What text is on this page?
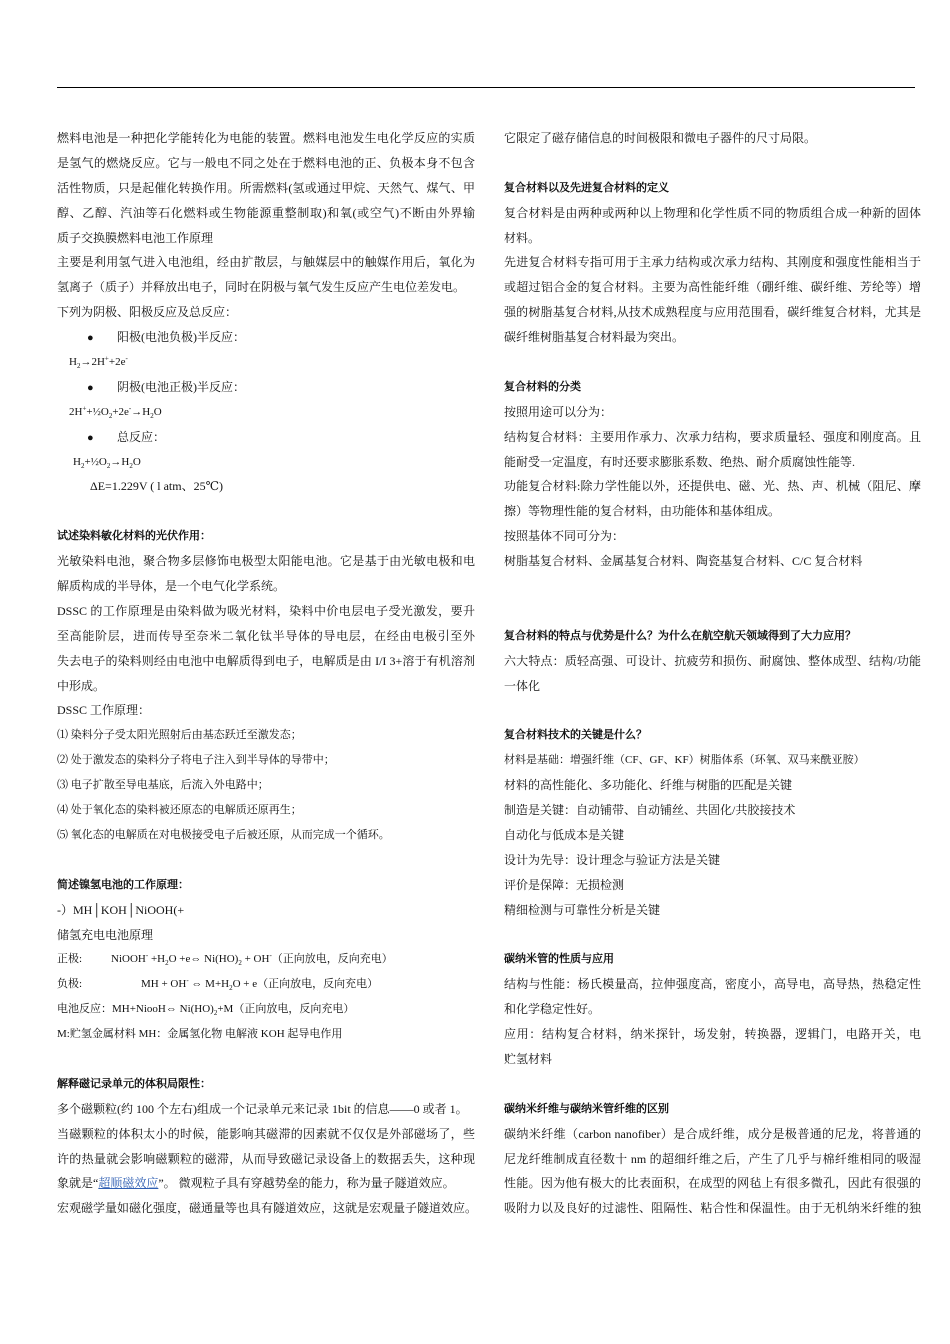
燃料电池是一种把化学能转化为电能的装置。燃料电池发生电化学反应的实质
是氢气的燃烧反应。它与一般电不同之处在于燃料电池的正、负极本身不包含
活性物质，只是起催化转换作用。所需燃料(氢或通过甲烷、天然气、煤气、甲
醇、乙醇、汽油等石化燃料或生物能源重整制取)和氧(或空气)不断由外界输
质子交换膜燃料电池工作原理
主要是利用氢气进入电池组，经由扩散层，与触媒层中的触媒作用后，氧化为
氢离子（质子）并释放出电子，同时在阴极与氧气发生反应产生电位差发电。
下列为阴极、阳极反应及总反应：
● 阳极(电池负极)半反应：
$H_2\to 2H^++2e^-$
● 阴极(电池正极)半反应：
$2H^++\frac{1}{2}O_2+2e^-\to H_2O$
● 总反应：
$H_2+\frac{1}{2}O_2\to H_2O$
ΔE=1.229V ( l atm、25℃)
试述染料敏化材料的光伏作用：
光敏染料电池，聚合物多层修饰电极型太阳能电池。它是基于由光敏电极和电
解质构成的半导体，是一个电气化学系统。
DSSC 的工作原理是由染料做为吸光材料，染料中价电层电子受光激发，要升
至高能阶层，进而传导至奈米二氧化钛半导体的导电层，在经由电极引至外
失去电子的染料则经由电池中电解质得到电子，电解质是由 I/I 3+溶于有机溶剂
中形成。
DSSC 工作原理：
⑴ 染料分子受太阳光照射后由基态跃迁至激发态；
⑵ 处于激发态的染料分子将电子注入到半导体的导带中；
⑶ 电子扩散至导电基底，后流入外电路中；
⑷ 处于氧化态的染料被还原态的电解质还原再生；
⑸ 氧化态的电解质在对电极接受电子后被还原，从而完成一个循环。
简述镍氢电池的工作原理：
-）MH│KOH│NiOOH(+
储氢充电电池原理
正极:	NiOOH- $+H_2O$ +e⇔ $Ni(HO)_2 + OH^-$（正向放电，反向充电）
负极:	MH + OH- ⇔ $M+H_2O + e$（正向放电，反向充电）
电池反应：MH+NiooH⇔ $Ni(HO)_2+M$（正向放电，反向充电）
M:贮氢金属材料 MH：金属氢化物 电解液 KOH 起导电作用
解释磁记录单元的体积局限性：
多个磁颗粒(约 100 个左右)组成一个记录单元来记录 1bit 的信息——0 或者 1。
当磁颗粒的体积太小的时候，能影响其磁滞的因素就不仅仅是外部磁场了，些
许的热量就会影响磁颗粒的磁滞，从而导致磁记录设备上的数据丢失，这种现
象就是“超顺磁效应”。 微观粒子具有穿越势垒的能力，称为量子隧道效应。
宏观磁学量如磁化强度，磁通量等也具有隧道效应，这就是宏观量子隧道效应。
它限定了磁存储信息的时间极限和微电子器件的尺寸局限。
复合材料以及先进复合材料的定义
复合材料是由两种或两种以上物理和化学性质不同的物质组合成一种新的固体
材料。
先进复合材料专指可用于主承力结构或次承力结构、其刚度和强度性能相当于
或超过铝合金的复合材料。主要为高性能纤维（硼纤维、碳纤维、芳纶等）增
强的树脂基复合材料,从技术成熟程度与应用范围看，碳纤维复合材料，尤其是
碳纤维树脂基复合材料最为突出。
复合材料的分类
按照用途可以分为：
结构复合材料：主要用作承力、次承力结构，要求质量轻、强度和刚度高。且
能耐受一定温度，有时还要求膨胀系数、绝热、耐介质腐蚀性能等.
功能复合材料:除力学性能以外，还提供电、磁、光、热、声、机械（阻尼、摩
擦）等物理性能的复合材料，由功能体和基体组成。
按照基体不同可分为：
树脂基复合材料、金属基复合材料、陶瓷基复合材料、C/C 复合材料
复合材料的特点与优势是什么？为什么在航空航天领域得到了大力应用？
六大特点：质轻高强、可设计、抗疲劳和损伤、耐腐蚀、整体成型、结构/功能
一体化
复合材料技术的关键是什么？
材料是基础：增强纤维（CF、GF、KF）树脂体系（环氧、双马来酰亚胺）
材料的高性能化、多功能化、纤维与树脂的匹配是关键
制造是关键：自动铺带、自动铺丝、共固化/共胶接技术
自动化与低成本是关键
设计为先导：设计理念与验证方法是关键
评价是保障：无损检测
精细检测与可靠性分析是关键
碳纳米管的性质与应用
结构与性能：杨氏模量高，拉伸强度高，密度小，高导电，高导热，热稳定性
和化学稳定性好。
应用：结构复合材料，纳米探针，场发射，转换器，逻辑门，电路开关，电
贮氢材料
碳纳米纤维与碳纳米管纤维的区别
碳纳米纤维（carbon nanofiber）是合成纤维，成分是极普通的尼龙，将普通的
尼龙纤维制成直径数十 nm 的超细纤维之后，产生了几乎与棉纤维相同的吸湿
性能。因为他有极大的比表面积，在成型的网毡上有很多微孔，因此有很强的
吸附力以及良好的过滤性、阻隔性、粘合性和保温性。由于无机纳米纤维的独
